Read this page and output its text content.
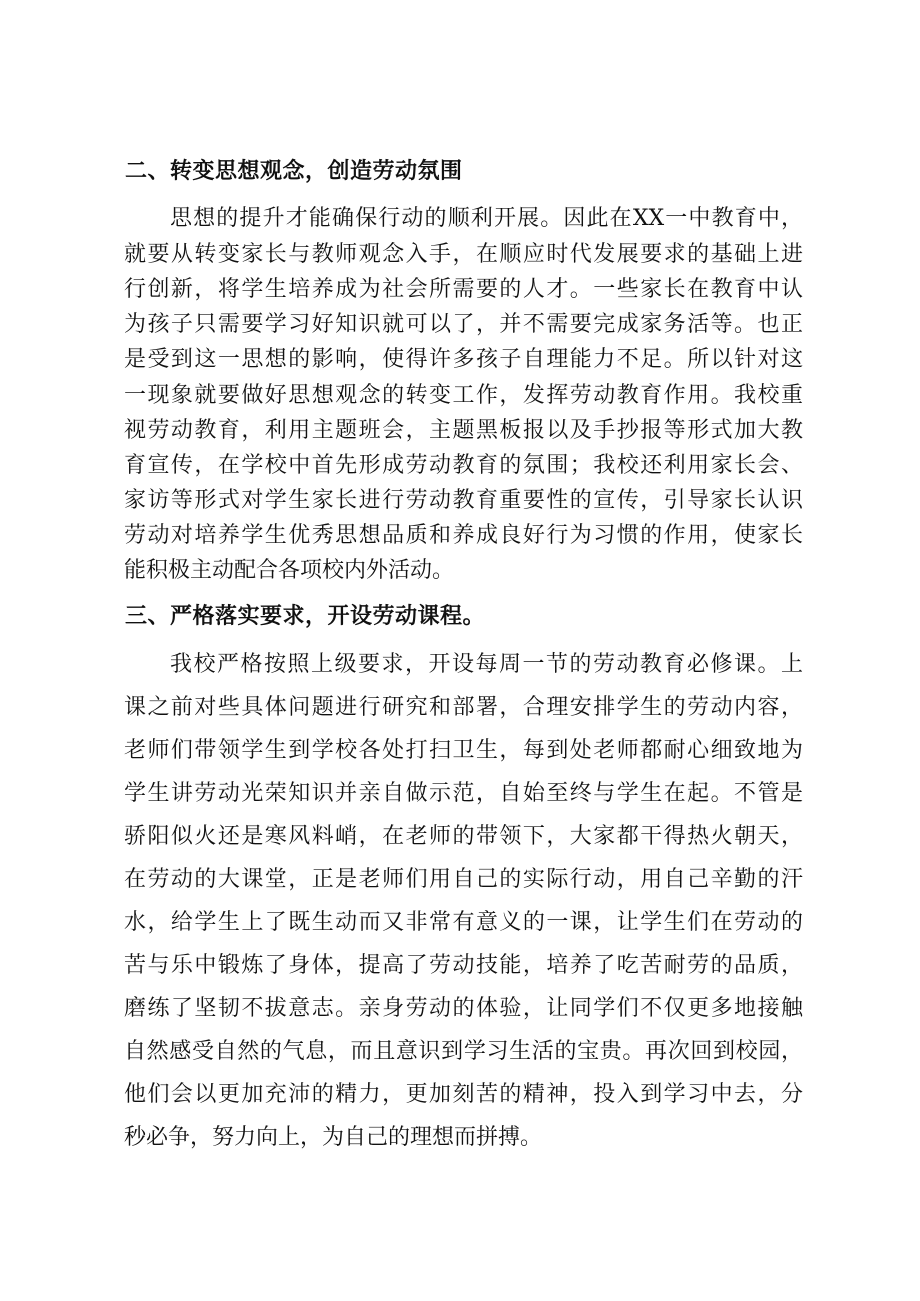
二、转变思想观念，创造劳动氛围
思想的提升才能确保行动的顺利开展。因此在XX一中教育中，
就要从转变家长与教师观念入手，在顺应时代发展要求的基础上进
行创新，将学生培养成为社会所需要的人才。一些家长在教育中认
为孩子只需要学习好知识就可以了，并不需要完成家务活等。也正
是受到这一思想的影响，使得许多孩子自理能力不足。所以针对这
一现象就要做好思想观念的转变工作，发挥劳动教育作用。我校重
视劳动教育，利用主题班会，主题黑板报以及手抄报等形式加大教
育宣传，在学校中首先形成劳动教育的氛围；我校还利用家长会、
家访等形式对学生家长进行劳动教育重要性的宣传，引导家长认识
劳动对培养学生优秀思想品质和养成良好行为习惯的作用，使家长
能积极主动配合各项校内外活动。
三、严格落实要求，开设劳动课程。
我校严格按照上级要求，开设每周一节的劳动教育必修课。上
课之前对些具体问题进行研究和部署，合理安排学生的劳动内容，
老师们带领学生到学校各处打扫卫生，每到处老师都耐心细致地为
学生讲劳动光荣知识并亲自做示范，自始至终与学生在起。不管是
骄阳似火还是寒风料峭，在老师的带领下，大家都干得热火朝天，
在劳动的大课堂，正是老师们用自己的实际行动，用自己辛勤的汗
水，给学生上了既生动而又非常有意义的一课，让学生们在劳动的
苦与乐中锻炼了身体，提高了劳动技能，培养了吃苦耐劳的品质，
磨练了坚韧不拔意志。亲身劳动的体验，让同学们不仅更多地接触
自然感受自然的气息，而且意识到学习生活的宝贵。再次回到校园，
他们会以更加充沛的精力，更加刻苦的精神，投入到学习中去，分
秒必争，努力向上，为自己的理想而拼搏。
